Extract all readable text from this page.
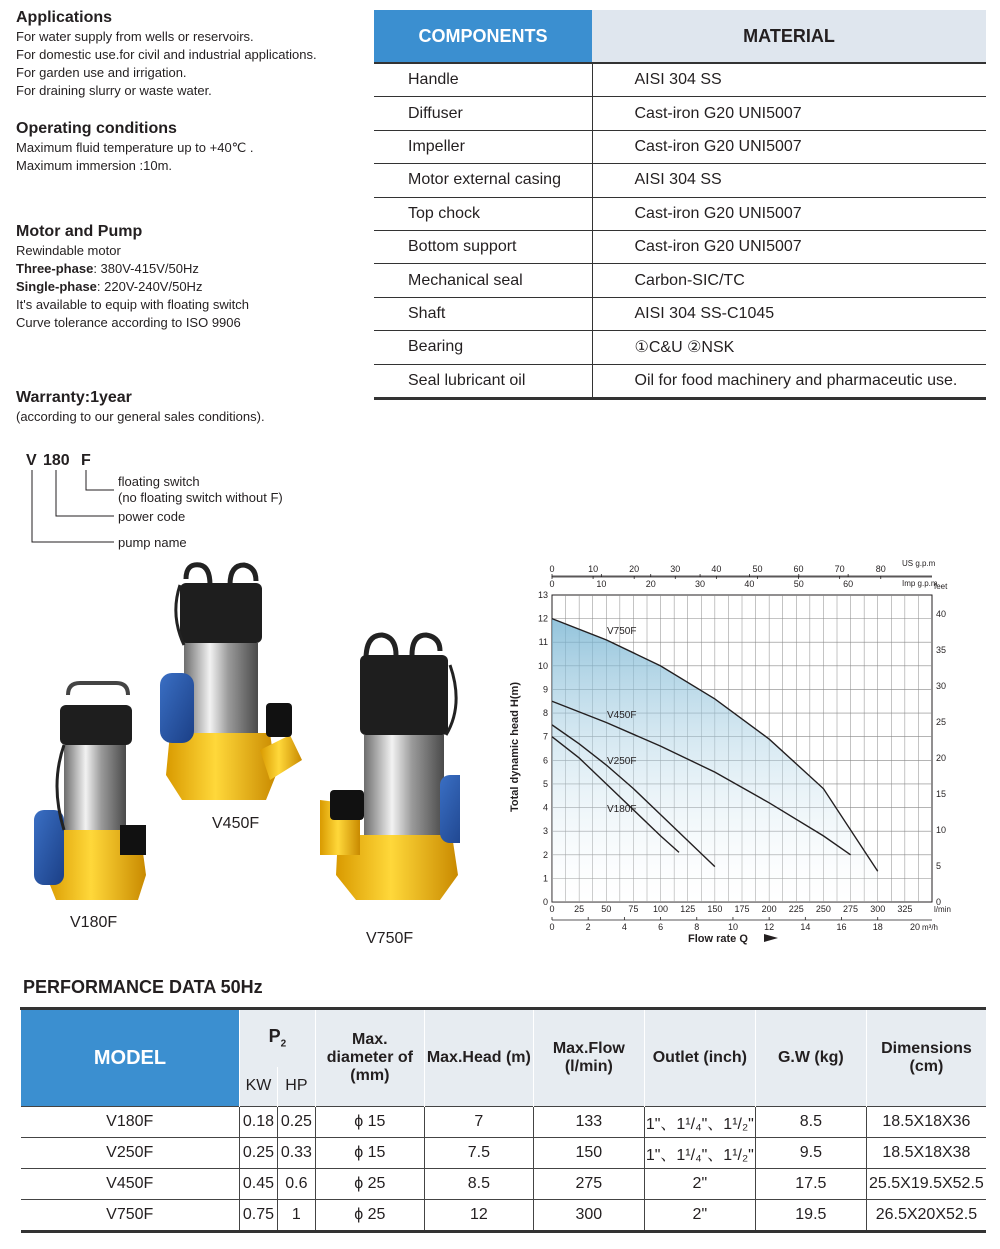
Applications
For water supply from wells or reservoirs.
For domestic use.for civil and industrial applications.
For garden use and irrigation.
For draining slurry or waste water.
Operating conditions
Maximum fluid temperature up to +40℃ .
Maximum immersion :10m.
Motor and Pump
Rewindable motor
Three-phase: 380V-415V/50Hz
Single-phase: 220V-240V/50Hz
It's available to equip with floating switch
Curve tolerance according to ISO 9906
Warranty:1year
(according to our general sales conditions).
V 180 F
floating switch
(no floating switch without F)
power code
pump name
COMPONENTS	MATERIAL
Handle	AISI 304 SS
Diffuser	Cast-iron G20 UNI5007
Impeller	Cast-iron G20 UNI5007
Motor external casing	AISI 304 SS
Top chock	Cast-iron G20 UNI5007
Bottom support	Cast-iron G20 UNI5007
Mechanical seal	Carbon-SIC/TC
Shaft	AISI 304 SS-C1045
Bearing	①C&U ②NSK
Seal lubricant oil	Oil for food machinery and pharmaceutic use.
V180F
V450F
V750F
V750F
V450F
V250F
V180F
0
1
2
3
4
5
6
7
8
9
10
11
12
13
0
5
10
15
20
25
30
35
40
feet
0 25 50 75 100 125 150 175 200 225 250 275 300 325	l/min
0	2	4	6	8	10	12	14	16	18	20 m³/h
0	10	20	30	40	50	60	70	80
US g.p.m
0	10	20	30	40	50	60	Imp g.p.m
Total dynamic head H(m)
Flow rate Q
PERFORMANCE DATA 50Hz
MODEL	$P_2$		Max. diameter of (mm)	Max.Head (m)	Max.Flow (l/min)	Outlet (inch)	G.W (kg)	Dimensions (cm)
	KW	HP						
V180F	0.18	0.25	ϕ 15	7	133	1"、1¹/₄"、1¹/₂"	8.5	18.5X18X36
V250F	0.25	0.33	ϕ 15	7.5	150	1"、1¹/₄"、1¹/₂"	9.5	18.5X18X38
V450F	0.45	0.6	ϕ 25	8.5	275	2"	17.5	25.5X19.5X52.5
V750F	0.75	1	ϕ 25	12	300	2"	19.5	26.5X20X52.5
